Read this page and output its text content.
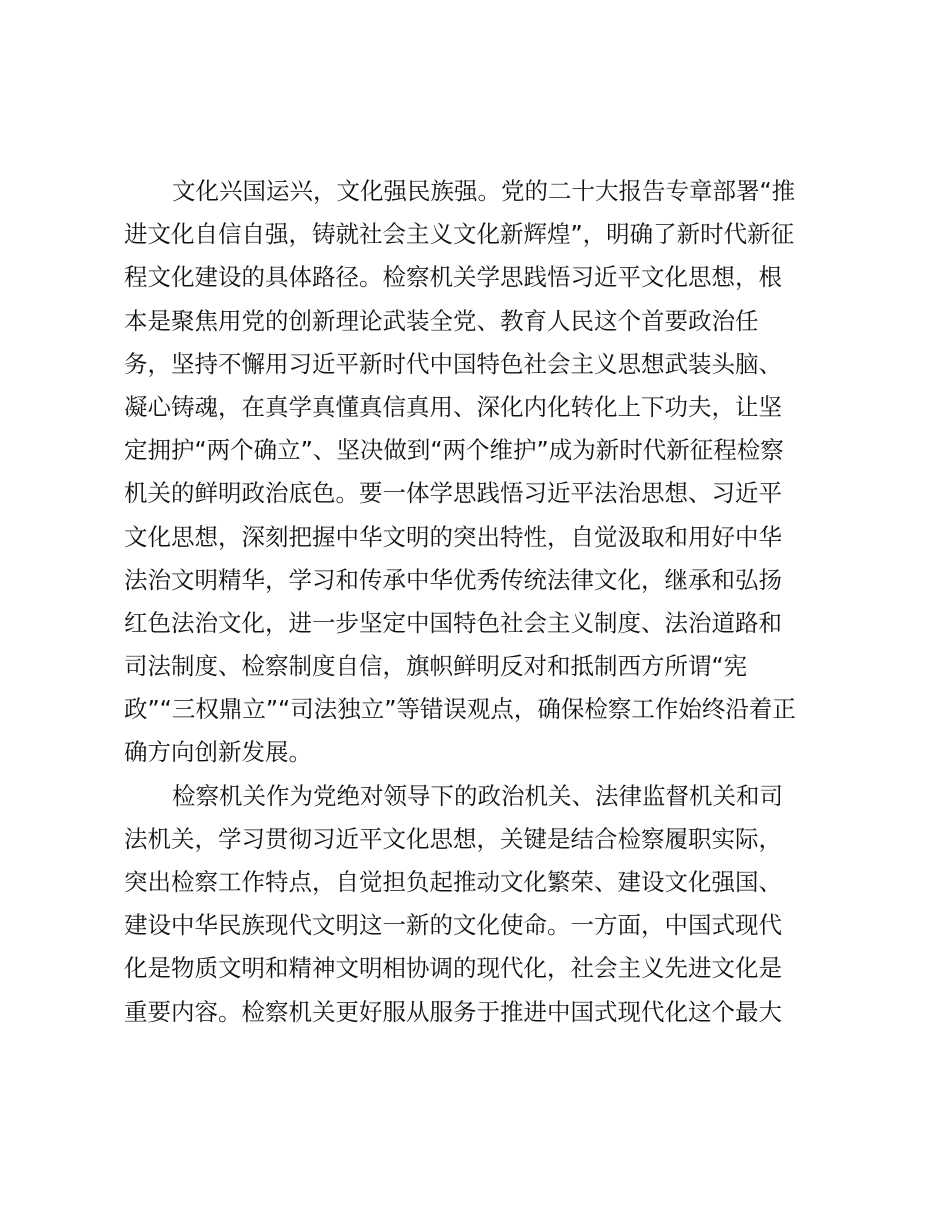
文化兴国运兴，文化强民族强。党的二十大报告专章部署“推
进文化自信自强，铸就社会主义文化新辉煌”，明确了新时代新征
程文化建设的具体路径。检察机关学思践悟习近平文化思想，根
本是聚焦用党的创新理论武装全党、教育人民这个首要政治任
务，坚持不懈用习近平新时代中国特色社会主义思想武装头脑、
凝心铸魂，在真学真懂真信真用、深化内化转化上下功夫，让坚
定拥护“两个确立”、坚决做到“两个维护”成为新时代新征程检察
机关的鲜明政治底色。要一体学思践悟习近平法治思想、习近平
文化思想，深刻把握中华文明的突出特性，自觉汲取和用好中华
法治文明精华，学习和传承中华优秀传统法律文化，继承和弘扬
红色法治文化，进一步坚定中国特色社会主义制度、法治道路和
司法制度、检察制度自信，旗帜鲜明反对和抵制西方所谓“宪
政”“三权鼎立”“司法独立”等错误观点，确保检察工作始终沿着正
确方向创新发展。
检察机关作为党绝对领导下的政治机关、法律监督机关和司
法机关，学习贯彻习近平文化思想，关键是结合检察履职实际，
突出检察工作特点，自觉担负起推动文化繁荣、建设文化强国、
建设中华民族现代文明这一新的文化使命。一方面，中国式现代
化是物质文明和精神文明相协调的现代化，社会主义先进文化是
重要内容。检察机关更好服从服务于推进中国式现代化这个最大
